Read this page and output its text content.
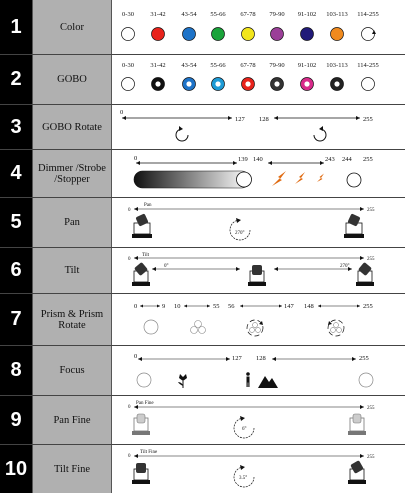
1	Color
0-30	31-42 43-54 55-66 67-78 79-90 91-102 103-113 114-255
2	GOBO
0-30	31-42 43-54 55-66 67-78 79-90 91-102 103-113 114-255
3	GOBO Rotate
0
127 128	255
4	Dimmer /Strobe /Stopper
0	139 140	243 244 255
5	Pan
0
Pan
255
270°
6	Tilt
0
Tilt
255
0°	270°
7	Prism & Prism Rotate
0	9 10	55 56	147 148	255
8	Focus
0	127 128	255
9	Pan Fine
0
Pan Fine
255
6°
10	Tilt Fine
0
Tilt Fine
255
3.5°
